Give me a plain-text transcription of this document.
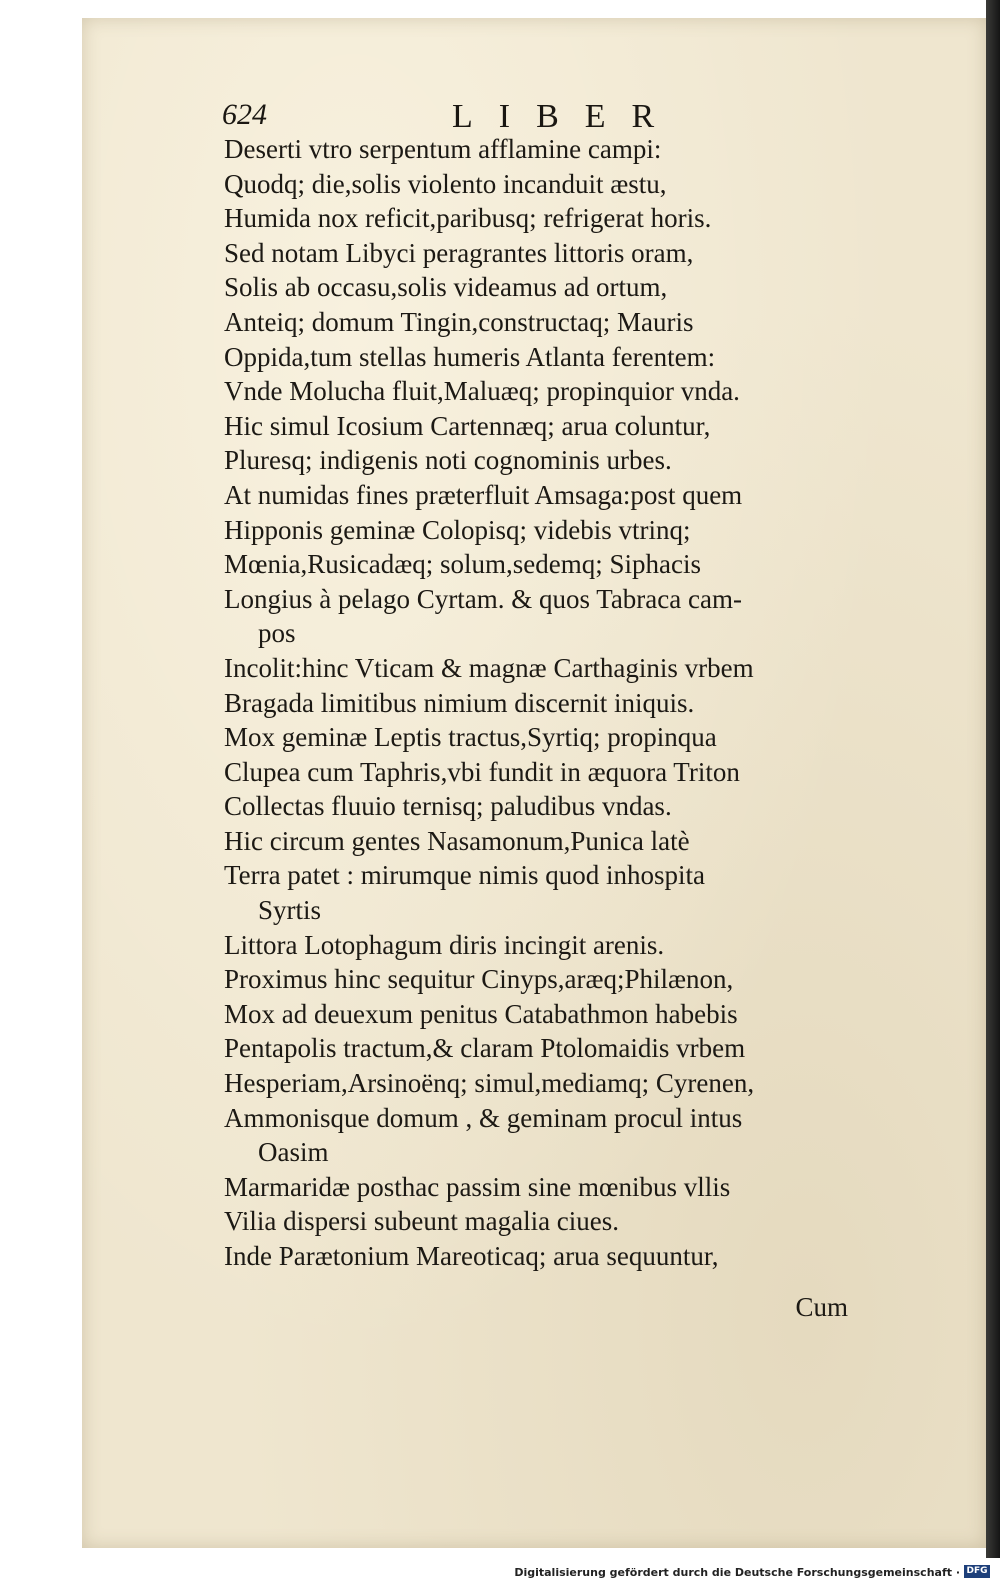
624	LIBER
Deserti vtro serpentum afflamine campi:
Quodq; die,solis violento incanduit æstu,
Humida nox reficit,paribusq; refrigerat horis.
Sed notam Libyci peragrantes littoris oram,
Solis ab occasu,solis videamus ad ortum,
Anteiq; domum Tingin,constructaq; Mauris
Oppida,tum stellas humeris Atlanta ferentem:
Vnde Molucha fluit,Maluæq; propinquior vnda.
Hic simul Icosium Cartennæq; arua coluntur,
Pluresq; indigenis noti cognominis urbes.
At numidas fines præterfluit Amsaga:post quem
Hipponis geminæ Colopisq; videbis vtrinq;
Mœnia,Rusicadæq; solum,sedemq; Siphacis
Longius à pelago Cyrtam. & quos Tabraca cam-
pos
Incolit:hinc Vticam & magnæ Carthaginis vrbem
Bragada limitibus nimium discernit iniquis.
Mox geminæ Leptis tractus,Syrtiq; propinqua
Clupea cum Taphris,vbi fundit in æquora Triton
Collectas fluuio ternisq; paludibus vndas.
Hic circum gentes Nasamonum,Punica latè
Terra patet : mirumque nimis quod inhospita
Syrtis
Littora Lotophagum diris incingit arenis.
Proximus hinc sequitur Cinyps,aræq;Philænon,
Mox ad deuexum penitus Catabathmon habebis
Pentapolis tractum,& claram Ptolomaidis vrbem
Hesperiam,Arsinoënq; simul,mediamq; Cyrenen,
Ammonisque domum , & geminam procul intus
Oasim
Marmaridæ posthac passim sine mœnibus vllis
Vilia dispersi subeunt magalia ciues.
Inde Parætonium Mareoticaq; arua sequuntur,
Cum
Digitalisierung gefördert durch die Deutsche Forschungsgemeinschaft · DFG
